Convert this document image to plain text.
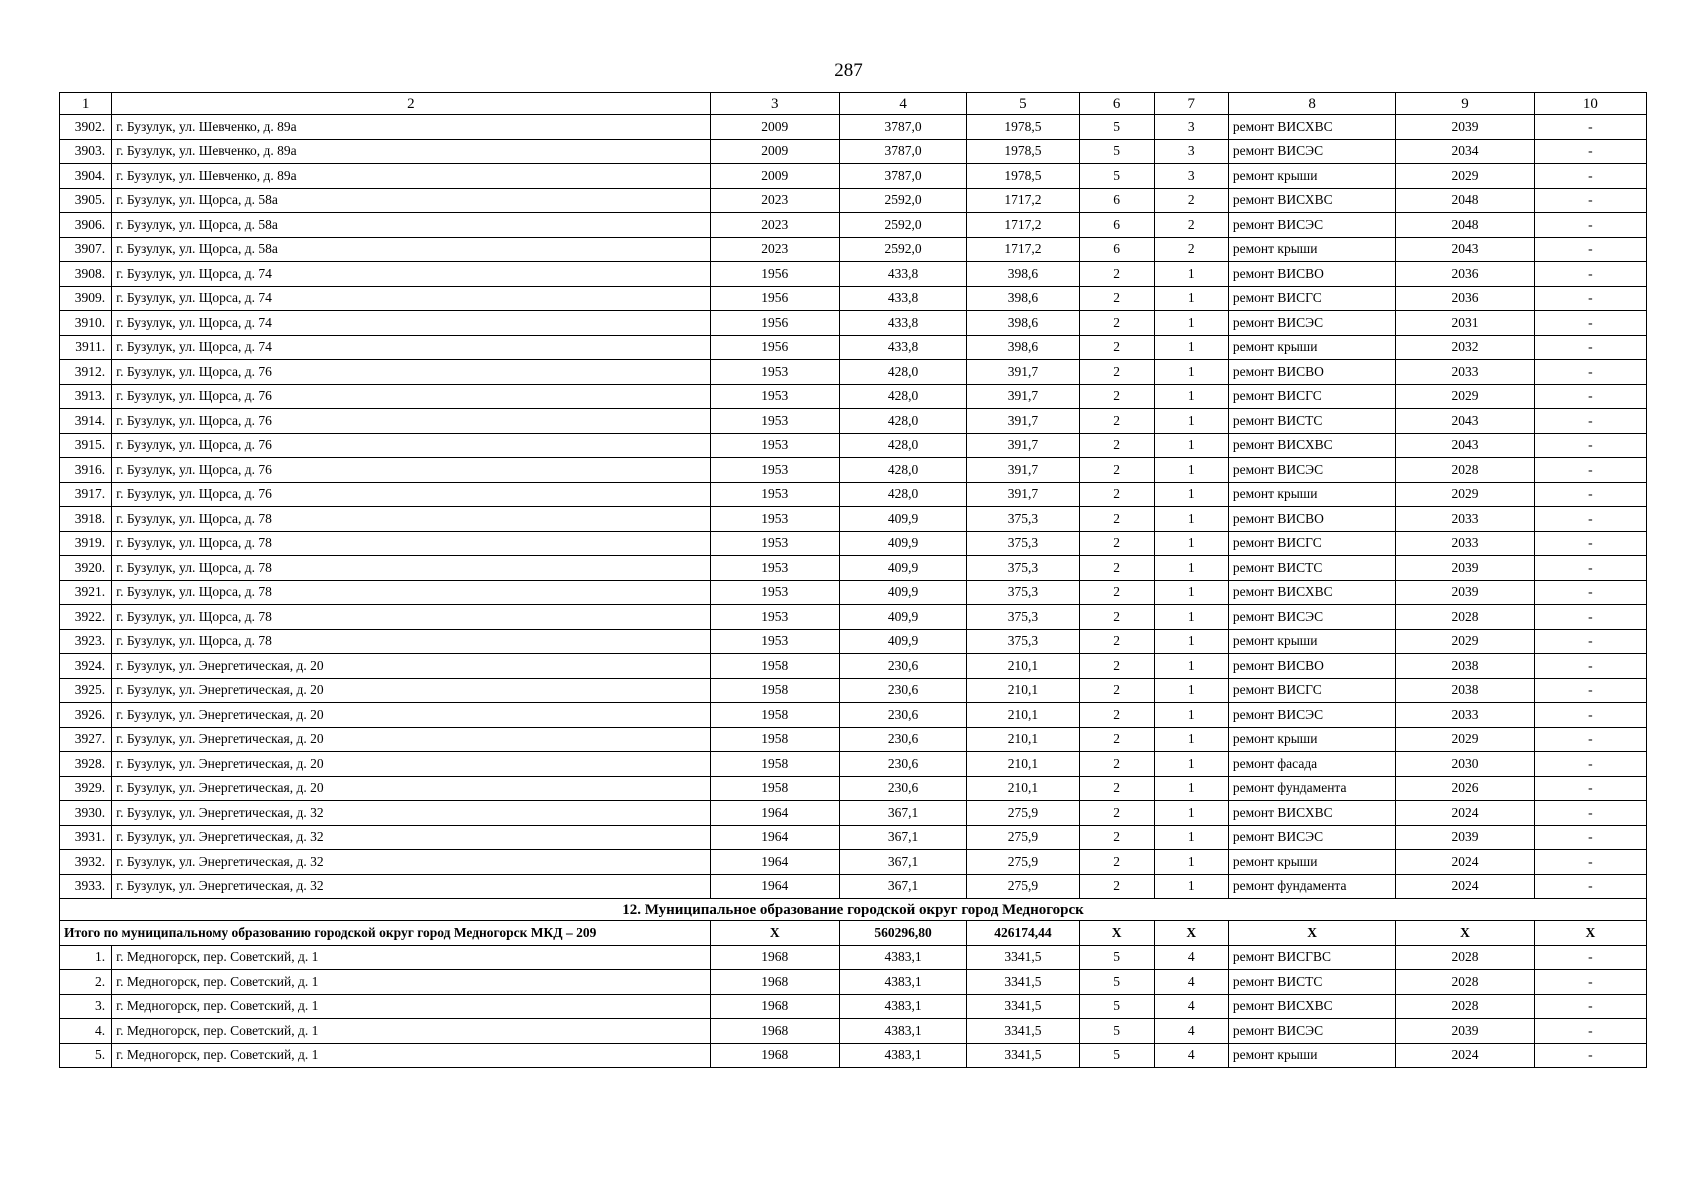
287
1	2	3	4	5	6	7	8	9	10
3902.	г. Бузулук, ул. Шевченко, д. 89а	2009	3787,0	1978,5	5	3	ремонт ВИСХВС	2039	-
3903.	г. Бузулук, ул. Шевченко, д. 89а	2009	3787,0	1978,5	5	3	ремонт ВИСЭС	2034	-
3904.	г. Бузулук, ул. Шевченко, д. 89а	2009	3787,0	1978,5	5	3	ремонт крыши	2029	-
3905.	г. Бузулук, ул. Щорса, д. 58а	2023	2592,0	1717,2	6	2	ремонт ВИСХВС	2048	-
3906.	г. Бузулук, ул. Щорса, д. 58а	2023	2592,0	1717,2	6	2	ремонт ВИСЭС	2048	-
3907.	г. Бузулук, ул. Щорса, д. 58а	2023	2592,0	1717,2	6	2	ремонт крыши	2043	-
3908.	г. Бузулук, ул. Щорса, д. 74	1956	433,8	398,6	2	1	ремонт ВИСВО	2036	-
3909.	г. Бузулук, ул. Щорса, д. 74	1956	433,8	398,6	2	1	ремонт ВИСГС	2036	-
3910.	г. Бузулук, ул. Щорса, д. 74	1956	433,8	398,6	2	1	ремонт ВИСЭС	2031	-
3911.	г. Бузулук, ул. Щорса, д. 74	1956	433,8	398,6	2	1	ремонт крыши	2032	-
3912.	г. Бузулук, ул. Щорса, д. 76	1953	428,0	391,7	2	1	ремонт ВИСВО	2033	-
3913.	г. Бузулук, ул. Щорса, д. 76	1953	428,0	391,7	2	1	ремонт ВИСГС	2029	-
3914.	г. Бузулук, ул. Щорса, д. 76	1953	428,0	391,7	2	1	ремонт ВИСТС	2043	-
3915.	г. Бузулук, ул. Щорса, д. 76	1953	428,0	391,7	2	1	ремонт ВИСХВС	2043	-
3916.	г. Бузулук, ул. Щорса, д. 76	1953	428,0	391,7	2	1	ремонт ВИСЭС	2028	-
3917.	г. Бузулук, ул. Щорса, д. 76	1953	428,0	391,7	2	1	ремонт крыши	2029	-
3918.	г. Бузулук, ул. Щорса, д. 78	1953	409,9	375,3	2	1	ремонт ВИСВО	2033	-
3919.	г. Бузулук, ул. Щорса, д. 78	1953	409,9	375,3	2	1	ремонт ВИСГС	2033	-
3920.	г. Бузулук, ул. Щорса, д. 78	1953	409,9	375,3	2	1	ремонт ВИСТС	2039	-
3921.	г. Бузулук, ул. Щорса, д. 78	1953	409,9	375,3	2	1	ремонт ВИСХВС	2039	-
3922.	г. Бузулук, ул. Щорса, д. 78	1953	409,9	375,3	2	1	ремонт ВИСЭС	2028	-
3923.	г. Бузулук, ул. Щорса, д. 78	1953	409,9	375,3	2	1	ремонт крыши	2029	-
3924.	г. Бузулук, ул. Энергетическая, д. 20	1958	230,6	210,1	2	1	ремонт ВИСВО	2038	-
3925.	г. Бузулук, ул. Энергетическая, д. 20	1958	230,6	210,1	2	1	ремонт ВИСГС	2038	-
3926.	г. Бузулук, ул. Энергетическая, д. 20	1958	230,6	210,1	2	1	ремонт ВИСЭС	2033	-
3927.	г. Бузулук, ул. Энергетическая, д. 20	1958	230,6	210,1	2	1	ремонт крыши	2029	-
3928.	г. Бузулук, ул. Энергетическая, д. 20	1958	230,6	210,1	2	1	ремонт фасада	2030	-
3929.	г. Бузулук, ул. Энергетическая, д. 20	1958	230,6	210,1	2	1	ремонт фундамента	2026	-
3930.	г. Бузулук, ул. Энергетическая, д. 32	1964	367,1	275,9	2	1	ремонт ВИСХВС	2024	-
3931.	г. Бузулук, ул. Энергетическая, д. 32	1964	367,1	275,9	2	1	ремонт ВИСЭС	2039	-
3932.	г. Бузулук, ул. Энергетическая, д. 32	1964	367,1	275,9	2	1	ремонт крыши	2024	-
3933.	г. Бузулук, ул. Энергетическая, д. 32	1964	367,1	275,9	2	1	ремонт фундамента	2024	-
12. Муниципальное образование городской округ город Медногорск									
Итого по муниципальному образованию городской округ город Медногорск МКД – 209		X	560296,80	426174,44	X	X	X	X	X
1.	г. Медногорск, пер. Советский, д. 1	1968	4383,1	3341,5	5	4	ремонт ВИСГВС	2028	-
2.	г. Медногорск, пер. Советский, д. 1	1968	4383,1	3341,5	5	4	ремонт ВИСТС	2028	-
3.	г. Медногорск, пер. Советский, д. 1	1968	4383,1	3341,5	5	4	ремонт ВИСХВС	2028	-
4.	г. Медногорск, пер. Советский, д. 1	1968	4383,1	3341,5	5	4	ремонт ВИСЭС	2039	-
5.	г. Медногорск, пер. Советский, д. 1	1968	4383,1	3341,5	5	4	ремонт крыши	2024	-
